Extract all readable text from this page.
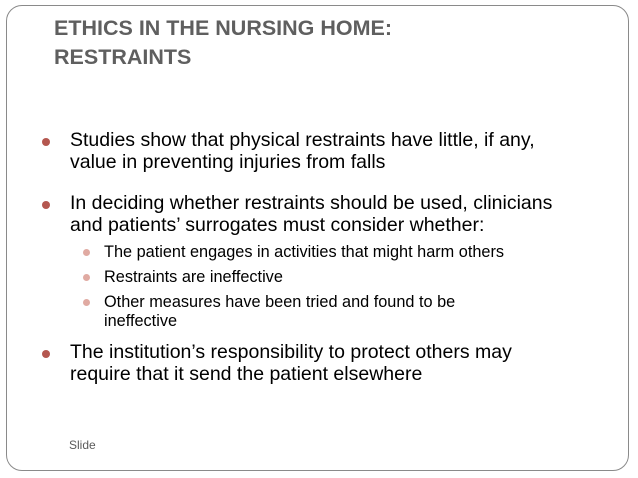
ETHICS IN THE NURSING HOME:
RESTRAINTS

Studies show that physical restraints have little, if any,
value in preventing injuries from falls

In deciding whether restraints should be used, clinicians
and patients’ surrogates must consider whether:

The patient engages in activities that might harm others

Restraints are ineffective

Other measures have been tried and found to be
ineffective

The institution’s responsibility to protect others may
require that it send the patient elsewhere

Slide
